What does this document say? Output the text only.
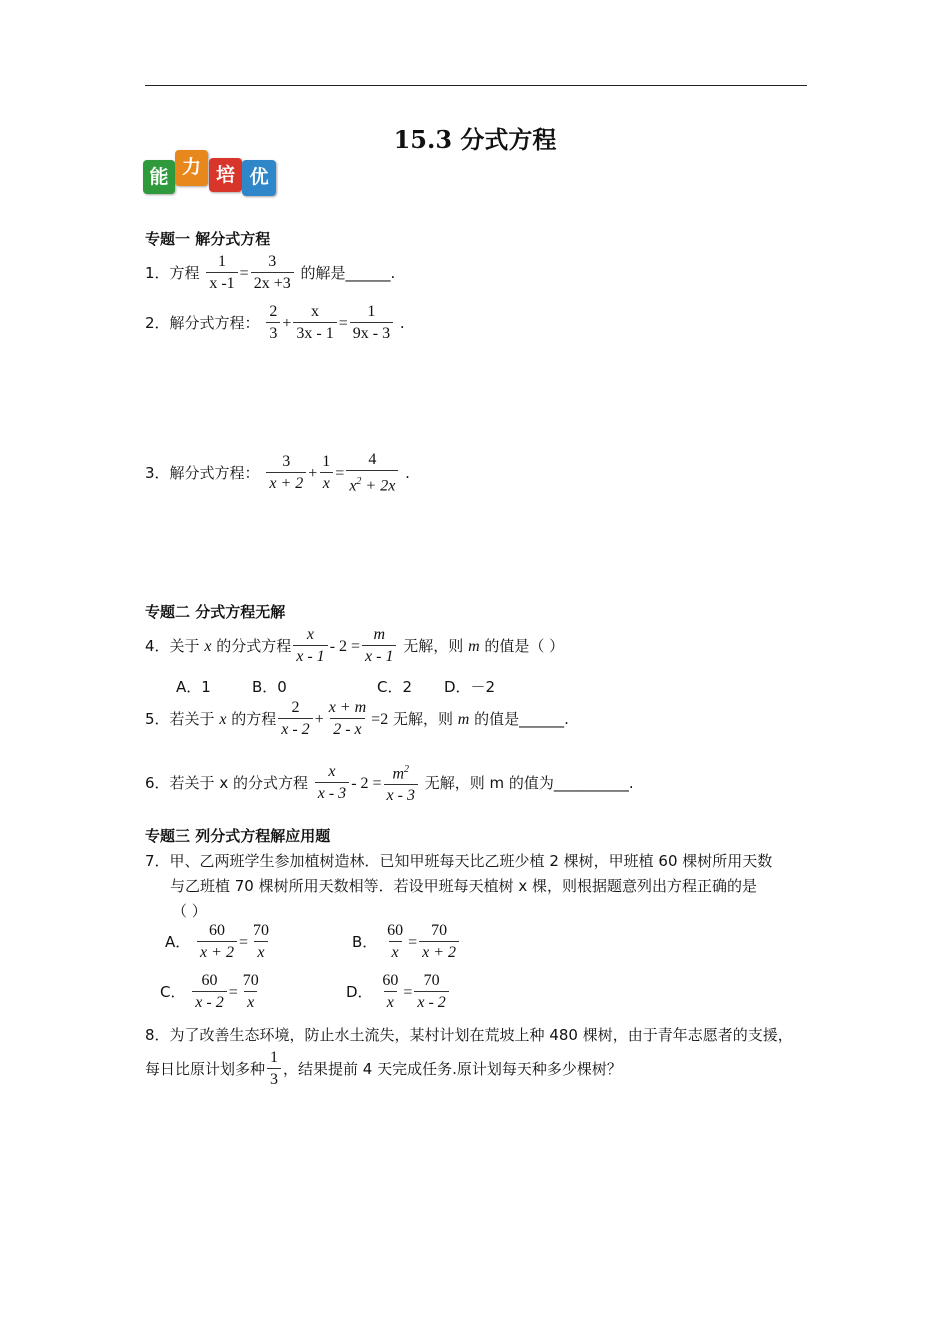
15.3 分式方程
能 力 培 优
专题一 解分式方程
1．方程 $\frac{1}{x -1} = \frac{3}{2x +3}$ 的解是______.
2．解分式方程： $\frac{2}{3} + \frac{x}{3x - 1} = \frac{1}{9x - 3}$ .
3．解分式方程： $\frac{3}{x + 2} + \frac{1}{x} = \frac{4}{x^2 + 2x}$ .
专题二 分式方程无解
4．关于 x 的分式方程 $\frac{x}{x - 1} - 2 = \frac{m}{x - 1}$ 无解，则 m 的值是（ ）
A．1	B．0	C．2 D．－2
5．若关于 x 的方程 $\frac{2}{x - 2} + \frac{x + m}{2 - x} =2$ 无解，则 m 的值是______.
6．若关于 x 的分式方程 $\frac{x}{x - 3} - 2 = \frac{m^2}{x - 3}$ 无解，则 m 的值为__________.
专题三 列分式方程解应用题
7．甲、乙两班学生参加植树造林．已知甲班每天比乙班少植 2 棵树，甲班植 60 棵树所用天数
与乙班植 70 棵树所用天数相等．若设甲班每天植树 x 棵，则根据题意列出方程正确的是
（ ）
A． $\frac{60}{x + 2} = \frac{70}{x}$	B． $\frac{60}{x} = \frac{70}{x + 2}$
C． $\frac{60}{x - 2} = \frac{70}{x}$	D． $\frac{60}{x} = \frac{70}{x - 2}$
8．为了改善生态环境，防止水土流失，某村计划在荒坡上种 480 棵树，由于青年志愿者的支援，
每日比原计划多种 $\frac{1}{3}$ ，结果提前 4 天完成任务.原计划每天种多少棵树？
